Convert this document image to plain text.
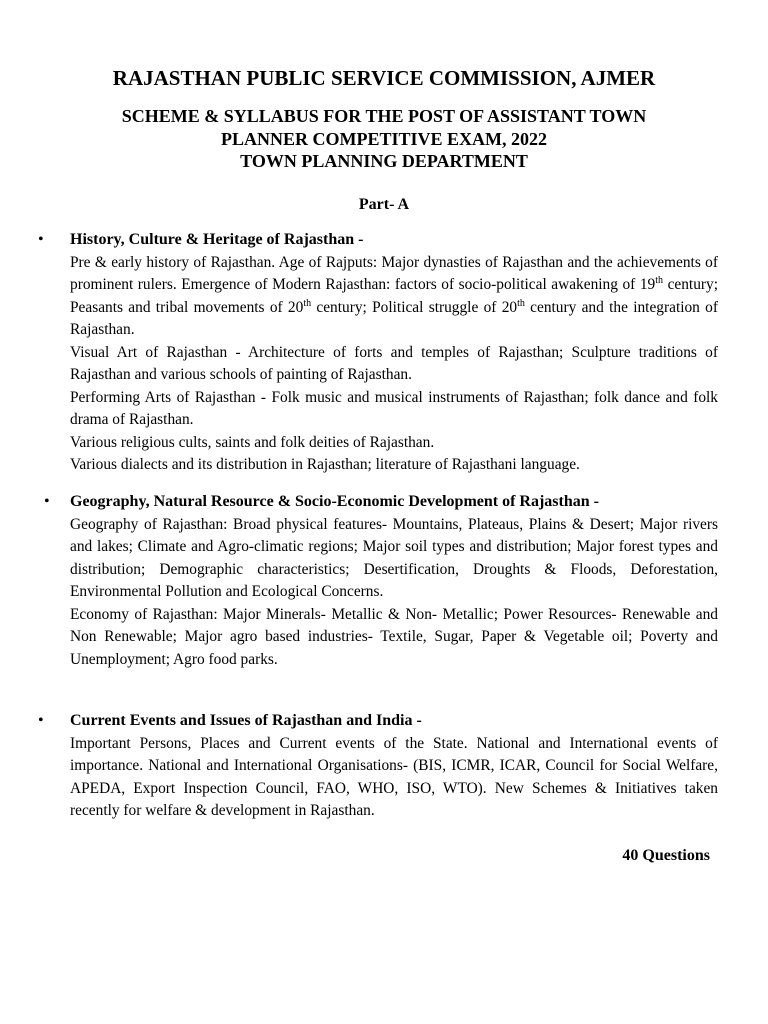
RAJASTHAN PUBLIC SERVICE COMMISSION, AJMER
SCHEME & SYLLABUS FOR THE POST OF ASSISTANT TOWN
PLANNER COMPETITIVE EXAM, 2022
TOWN PLANNING DEPARTMENT
Part- A
• History, Culture & Heritage of Rajasthan -

Pre & early history of Rajasthan. Age of Rajputs: Major dynasties of Rajasthan and the achievements of prominent rulers. Emergence of Modern Rajasthan: factors of socio-political awakening of 19th century; Peasants and tribal movements of 20th century; Political struggle of 20th century and the integration of Rajasthan.

Visual Art of Rajasthan - Architecture of forts and temples of Rajasthan; Sculpture traditions of Rajasthan and various schools of painting of Rajasthan.

Performing Arts of Rajasthan - Folk music and musical instruments of Rajasthan; folk dance and folk drama of Rajasthan.

Various religious cults, saints and folk deities of Rajasthan.

Various dialects and its distribution in Rajasthan; literature of Rajasthani language.

• Geography, Natural Resource & Socio-Economic Development of Rajasthan -

Geography of Rajasthan: Broad physical features- Mountains, Plateaus, Plains & Desert; Major rivers and lakes; Climate and Agro-climatic regions; Major soil types and distribution; Major forest types and distribution; Demographic characteristics; Desertification, Droughts & Floods, Deforestation, Environmental Pollution and Ecological Concerns.

Economy of Rajasthan: Major Minerals- Metallic & Non- Metallic; Power Resources- Renewable and Non Renewable; Major agro based industries- Textile, Sugar, Paper & Vegetable oil; Poverty and Unemployment; Agro food parks.

• Current Events and Issues of Rajasthan and India -

Important Persons, Places and Current events of the State. National and International events of importance. National and International Organisations- (BIS, ICMR, ICAR, Council for Social Welfare, APEDA, Export Inspection Council, FAO, WHO, ISO, WTO). New Schemes & Initiatives taken recently for welfare & development in Rajasthan.

40 Questions
